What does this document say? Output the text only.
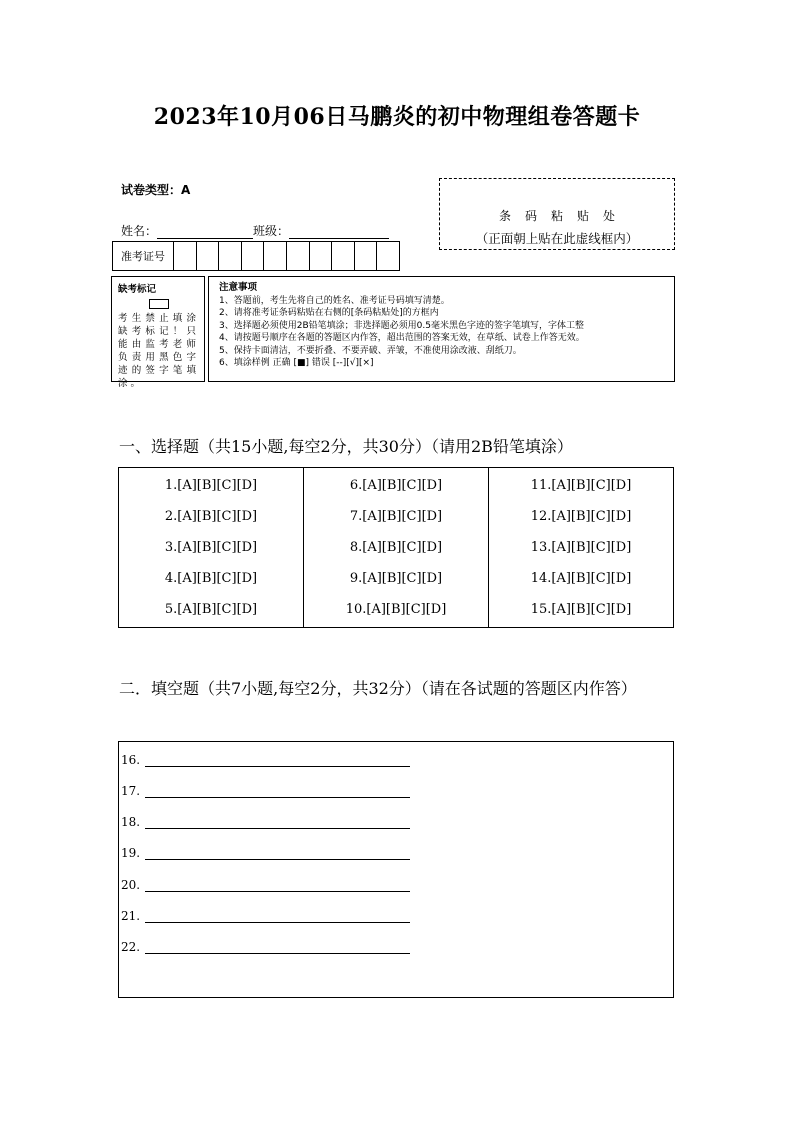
2023年10月06日马鹏炎的初中物理组卷答题卡
试卷类型：A
姓名：	班级：
准考证号
条码粘贴处
（正面朝上贴在此虚线框内）
缺考标记
考生禁止填涂缺考标记！只能由监考老师负责用黑色字迹的签字笔填涂。
注意事项
1、答题前，考生先将自己的姓名、准考证号码填写清楚。
2、请将准考证条码粘贴在右侧的[条码粘贴处]的方框内
3、选择题必须使用2B铅笔填涂；非选择题必须用0.5毫米黑色字迹的签字笔填写，字体工整
4、请按题号顺序在各题的答题区内作答，超出范围的答案无效，在草纸、试卷上作答无效。
5、保持卡面清洁，不要折叠、不要弄破、弄皱，不准使用涂改液、刮纸刀。
6、填涂样例 正确 [■] 错误 [--][√][×]
一、选择题（共15小题,每空2分，共30分）（请用2B铅笔填涂）
1.[A][B][C][D]
2.[A][B][C][D]
3.[A][B][C][D]
4.[A][B][C][D]
5.[A][B][C][D]
6.[A][B][C][D]
7.[A][B][C][D]
8.[A][B][C][D]
9.[A][B][C][D]
10.[A][B][C][D]
11.[A][B][C][D]
12.[A][B][C][D]
13.[A][B][C][D]
14.[A][B][C][D]
15.[A][B][C][D]
二．填空题（共7小题,每空2分，共32分）（请在各试题的答题区内作答）
16.
17.
18.
19.
20.
21.
22.
